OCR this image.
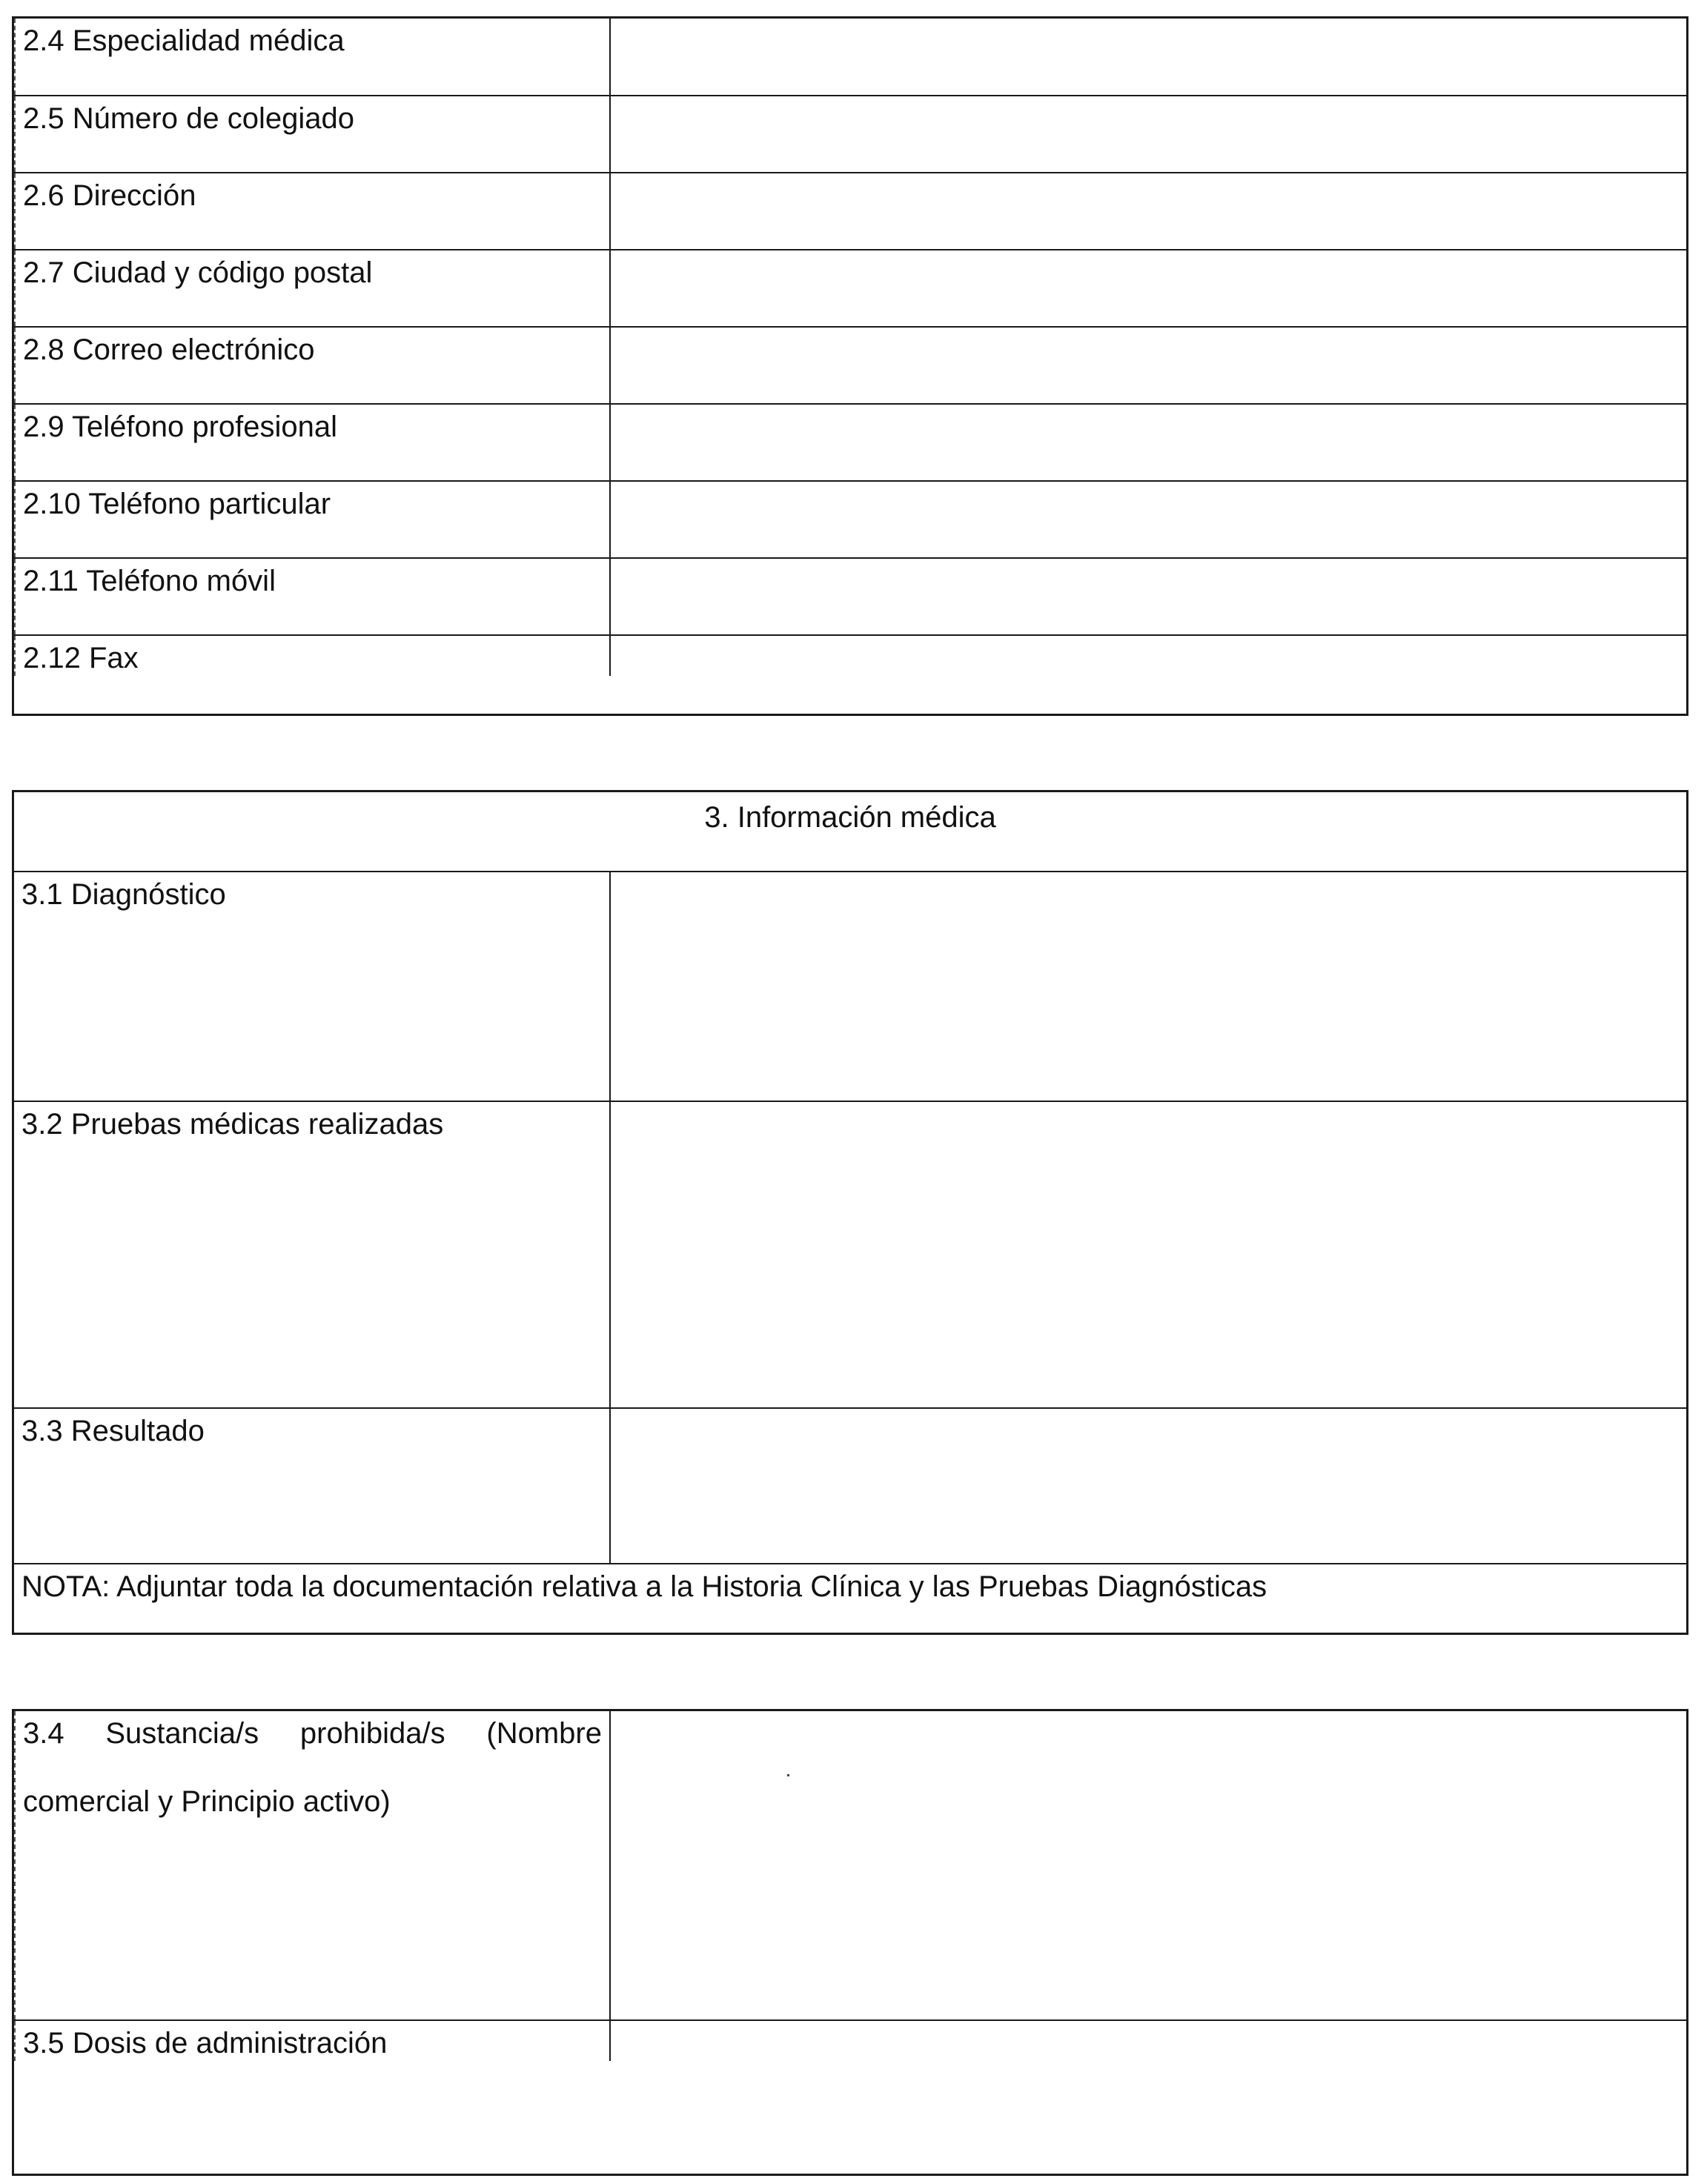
2.4 Especialidad médica
2.5 Número de colegiado
2.6 Dirección
2.7 Ciudad y código postal
2.8 Correo electrónico
2.9 Teléfono profesional
2.10 Teléfono particular
2.11 Teléfono móvil
2.12 Fax
3. Información médica
3.1 Diagnóstico
3.2 Pruebas médicas realizadas
3.3 Resultado
NOTA: Adjuntar toda la documentación relativa a la Historia Clínica y las Pruebas Diagnósticas
3.4 Sustancia/s prohibida/s (Nombre
comercial y Principio activo)
3.5 Dosis de administración
